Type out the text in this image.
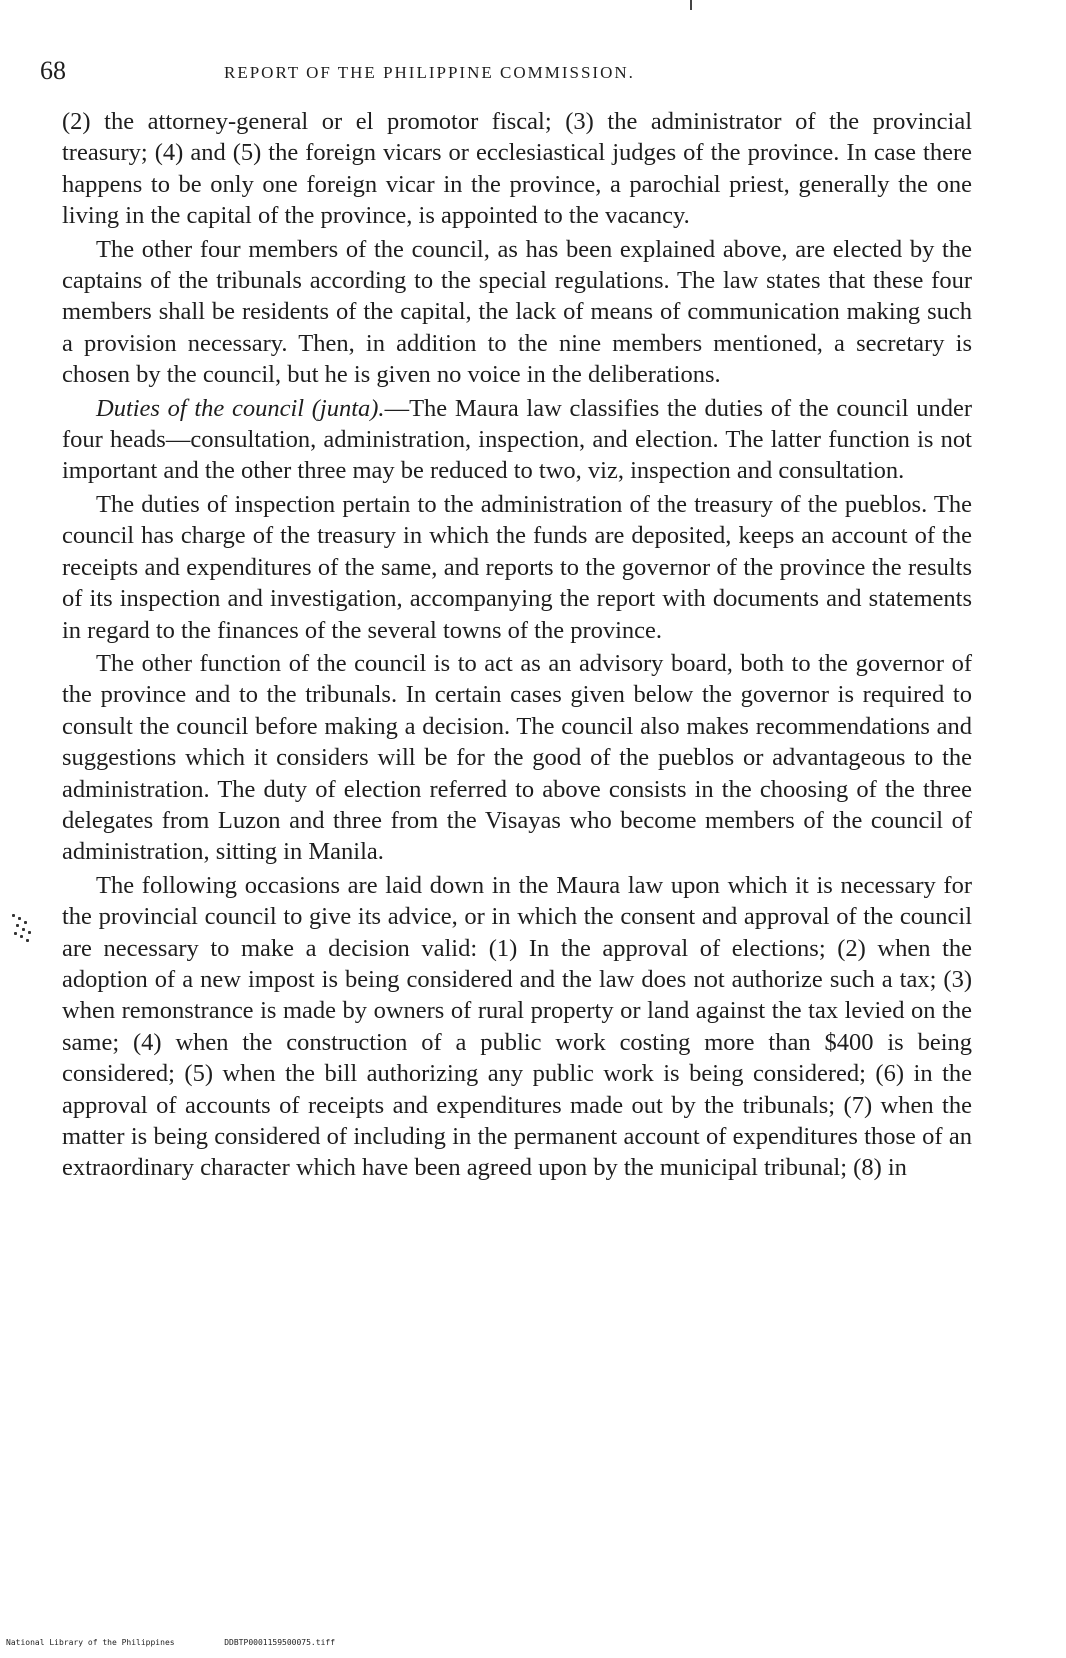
68	REPORT OF THE PHILIPPINE COMMISSION.

(2) the attorney-general or el promotor fiscal; (3) the administrator of the provincial treasury; (4) and (5) the foreign vicars or ecclesiastical judges of the province. In case there happens to be only one foreign vicar in the province, a parochial priest, generally the one living in the capital of the province, is appointed to the vacancy.

The other four members of the council, as has been explained above, are elected by the captains of the tribunals according to the special regulations. The law states that these four members shall be residents of the capital, the lack of means of communication making such a provision necessary. Then, in addition to the nine members mentioned, a secretary is chosen by the council, but he is given no voice in the deliberations.

Duties of the council (junta).—The Maura law classifies the duties of the council under four heads—consultation, administration, inspection, and election. The latter function is not important and the other three may be reduced to two, viz, inspection and consultation.

The duties of inspection pertain to the administration of the treasury of the pueblos. The council has charge of the treasury in which the funds are deposited, keeps an account of the receipts and expenditures of the same, and reports to the governor of the province the results of its inspection and investigation, accompanying the report with documents and statements in regard to the finances of the several towns of the province.

The other function of the council is to act as an advisory board, both to the governor of the province and to the tribunals. In certain cases given below the governor is required to consult the council before making a decision. The council also makes recommendations and suggestions which it considers will be for the good of the pueblos or advantageous to the administration. The duty of election referred to above consists in the choosing of the three delegates from Luzon and three from the Visayas who become members of the council of administration, sitting in Manila.

The following occasions are laid down in the Maura law upon which it is necessary for the provincial council to give its advice, or in which the consent and approval of the council are necessary to make a decision valid: (1) In the approval of elections; (2) when the adoption of a new impost is being considered and the law does not authorize such a tax; (3) when remonstrance is made by owners of rural property or land against the tax levied on the same; (4) when the construction of a public work costing more than $400 is being considered; (5) when the bill authorizing any public work is being considered; (6) in the approval of accounts of receipts and expenditures made out by the tribunals; (7) when the matter is being considered of including in the permanent account of expenditures those of an extraordinary character which have been agreed upon by the municipal tribunal; (8) in

National Library of the Philippines	DDBTP0001159500075.tiff
